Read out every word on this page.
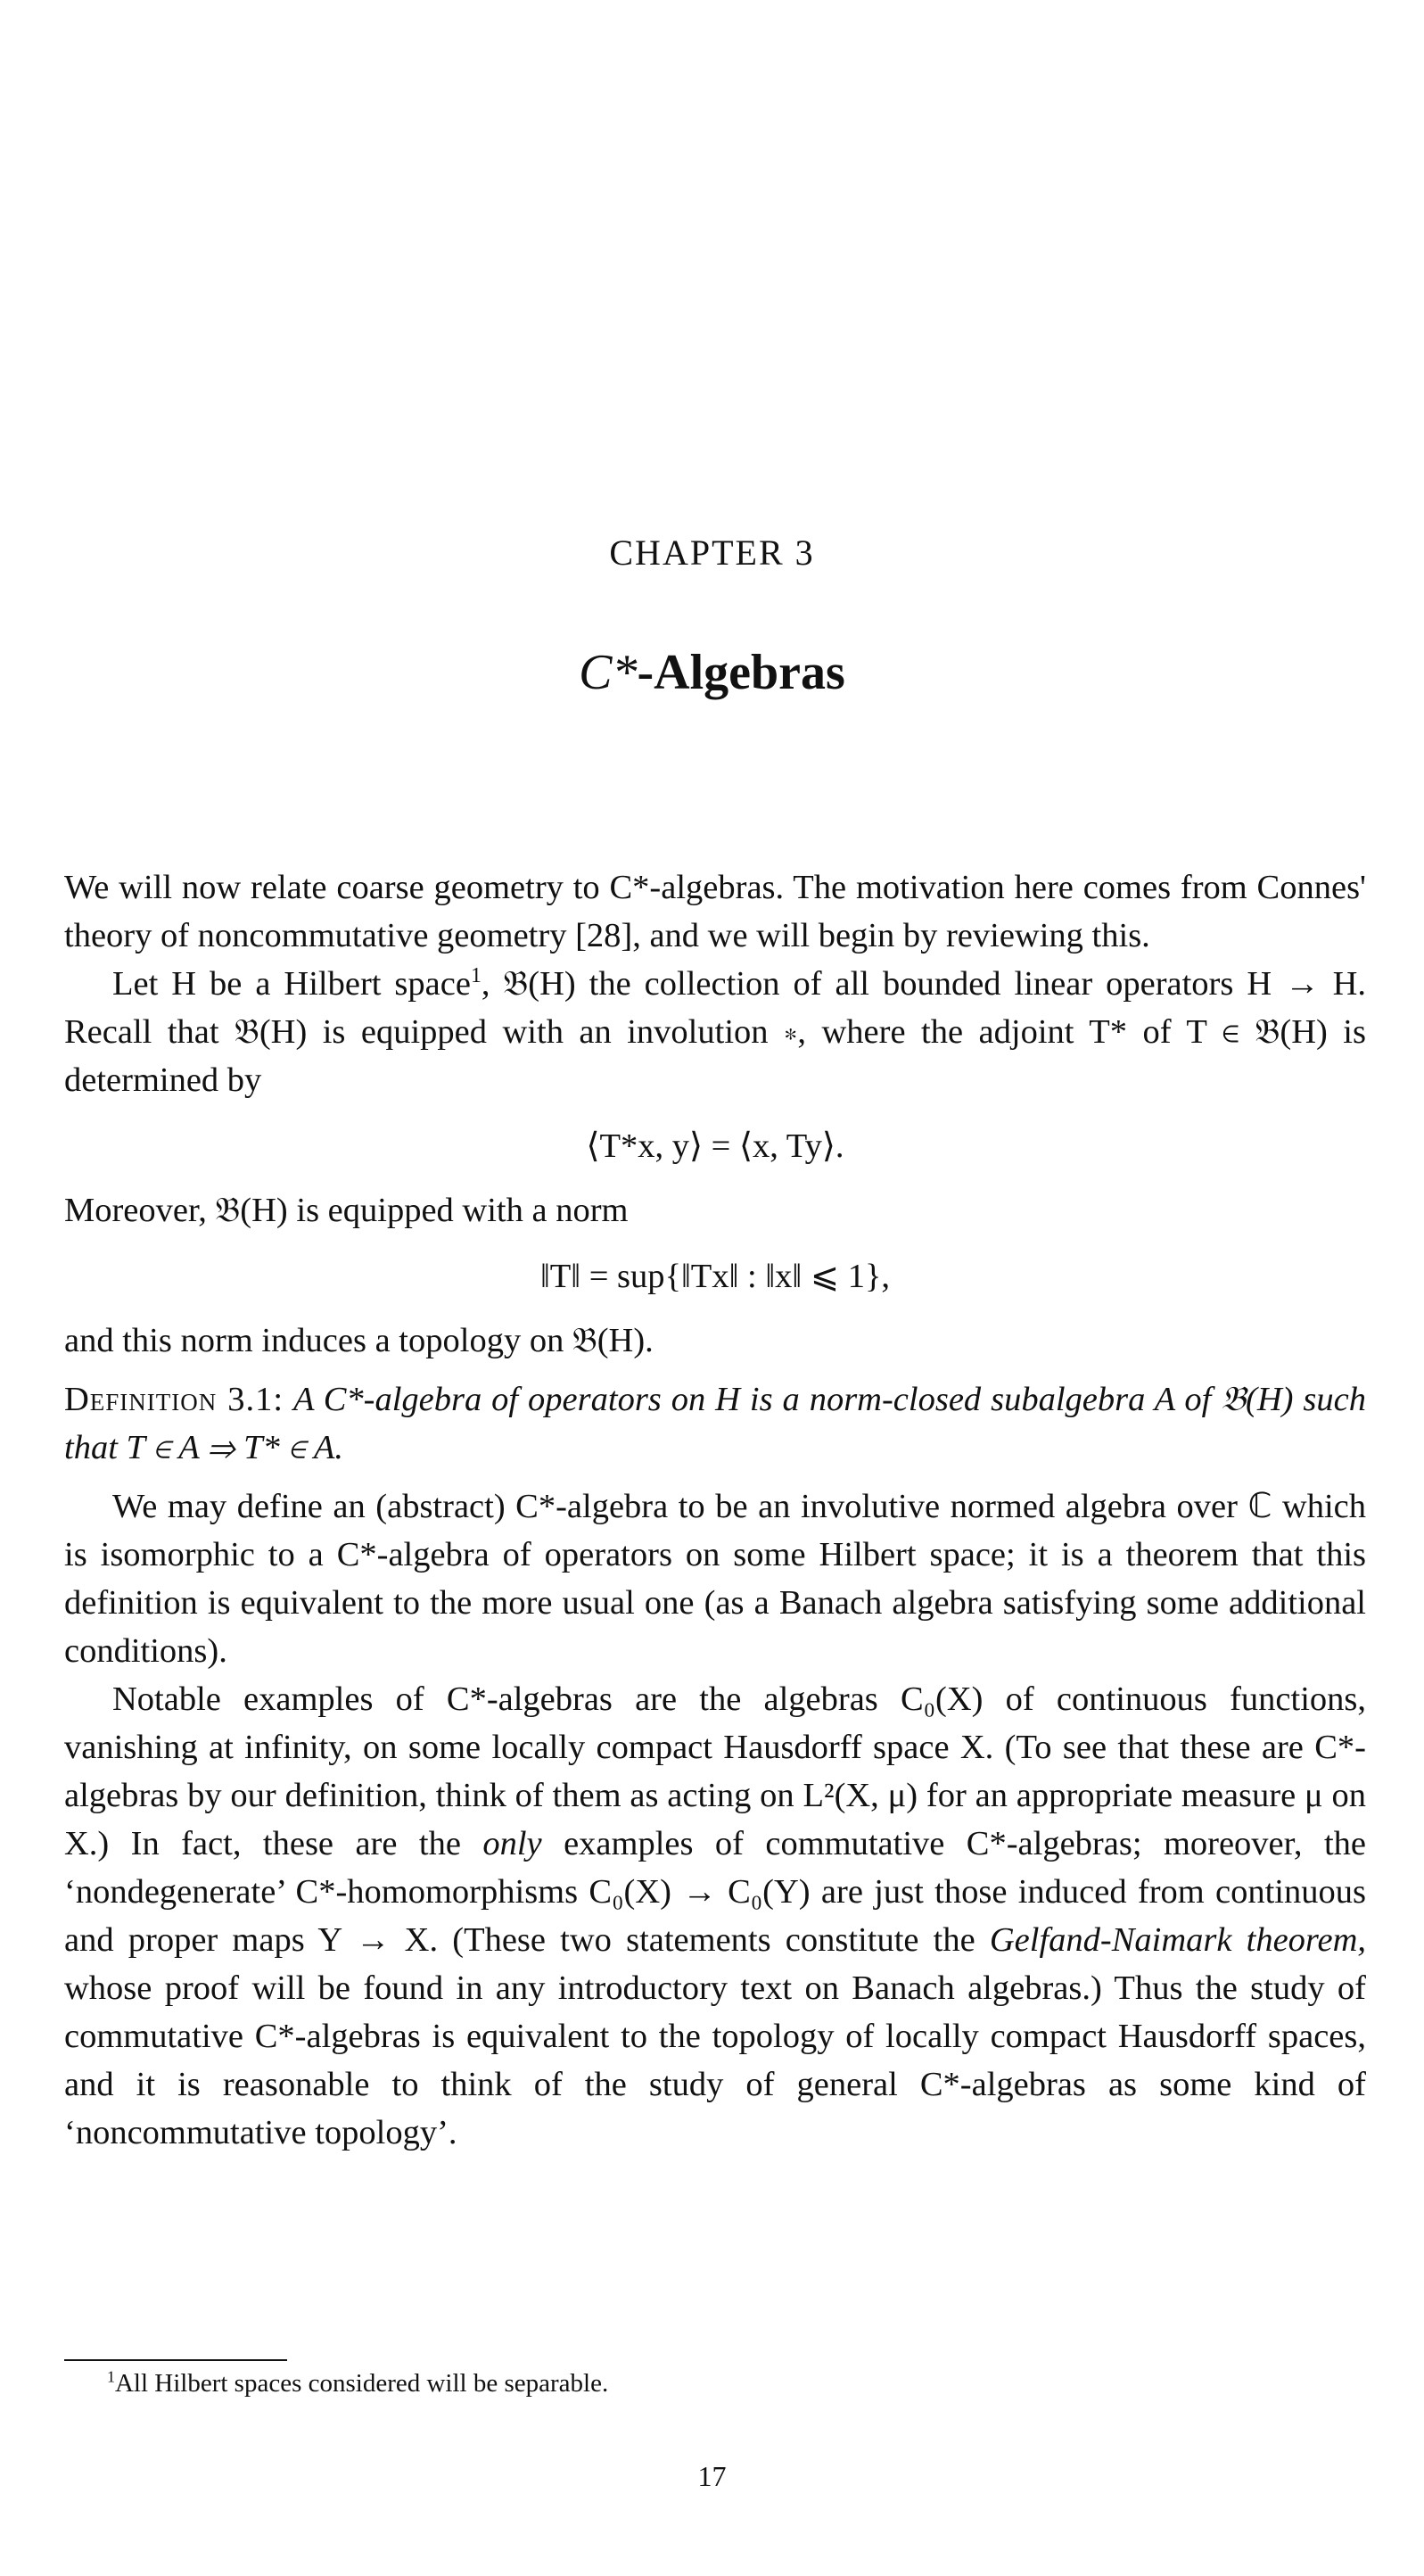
CHAPTER 3
C*-Algebras

We will now relate coarse geometry to C*-algebras. The motivation here comes from Connes' theory of noncommutative geometry [28], and we will begin by reviewing this.

Let H be a Hilbert space$^1$, 𝔅(H) the collection of all bounded linear operators H → H. Recall that 𝔅(H) is equipped with an involution ∗, where the adjoint T* of T ∈ 𝔅(H) is determined by

⟨T*x, y⟩ = ⟨x, Ty⟩.

Moreover, 𝔅(H) is equipped with a norm

‖T‖ = sup{‖Tx‖ : ‖x‖ ⩽ 1},

and this norm induces a topology on 𝔅(H).

Definition 3.1: A C*-algebra of operators on H is a norm-closed subalgebra A of 𝔅(H) such that T ∈ A ⇒ T* ∈ A.

We may define an (abstract) C*-algebra to be an involutive normed algebra over ℂ which is isomorphic to a C*-algebra of operators on some Hilbert space; it is a theorem that this definition is equivalent to the more usual one (as a Banach algebra satisfying some additional conditions).

Notable examples of C*-algebras are the algebras C₀(X) of continuous functions, vanishing at infinity, on some locally compact Hausdorff space X. (To see that these are C*-algebras by our definition, think of them as acting on L²(X, μ) for an appropriate measure μ on X.) In fact, these are the only examples of commutative C*-algebras; moreover, the ‘nondegenerate’ C*-homomorphisms C₀(X) → C₀(Y) are just those induced from continuous and proper maps Y → X. (These two statements constitute the Gelfand-Naimark theorem, whose proof will be found in any introductory text on Banach algebras.) Thus the study of commutative C*-algebras is equivalent to the topology of locally compact Hausdorff spaces, and it is reasonable to think of the study of general C*-algebras as some kind of ‘noncommutative topology’.

$^1$All Hilbert spaces considered will be separable.
17
